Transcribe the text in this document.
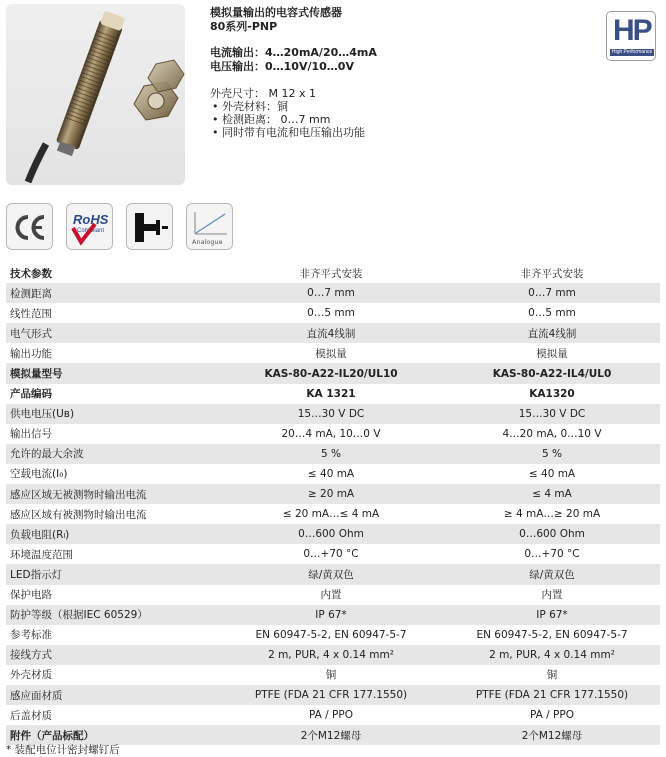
模拟量输出的电容式传感器
80系列-PNP
电流输出：4…20mA/20…4mA
电压输出：0…10V/10…0V
外壳尺寸： M 12 x 1
• 外壳材料：铜
• 检测距离： 0…7 mm
• 同时带有电流和电压输出功能
HP
High Performance
RoHS
Compliant
Analogue
技术参数	非齐平式安装	非齐平式安装
检测距离	0…7 mm	0…7 mm
线性范围	0…5 mm	0…5 mm
电气形式	直流4线制	直流4线制
输出功能	模拟量	模拟量
模拟量型号	KAS-80-A22-IL20/UL10	KAS-80-A22-IL4/UL0
产品编码	KA 1321	KA1320
供电电压(Uв)	15…30 V DC	15…30 V DC
输出信号	20…4 mA, 10…0 V	4…20 mA, 0…10 V
允许的最大余波	5 %	5 %
空载电流(I₀)	≤ 40 mA	≤ 40 mA
感应区域无被测物时输出电流	≥ 20 mA	≤ 4 mA
感应区域有被测物时输出电流	≤ 20 mA…≤ 4 mA	≥ 4 mA…≥ 20 mA
负载电阻(Rₗ)	0…600 Ohm	0…600 Ohm
环境温度范围	0…+70 °C	0…+70 °C
LED指示灯	绿/黄双色	绿/黄双色
保护电路	内置	内置
防护等级（根据IEC 60529）	IP 67*	IP 67*
参考标准	EN 60947-5-2, EN 60947-5-7	EN 60947-5-2, EN 60947-5-7
接线方式	2 m, PUR, 4 x 0.14 mm²	2 m, PUR, 4 x 0.14 mm²
外壳材质	铜	铜
感应面材质	PTFE (FDA 21 CFR 177.1550)	PTFE (FDA 21 CFR 177.1550)
后盖材质	PA / PPO	PA / PPO
附件（产品标配）	2个M12螺母	2个M12螺母
* 装配电位计密封螺钉后
